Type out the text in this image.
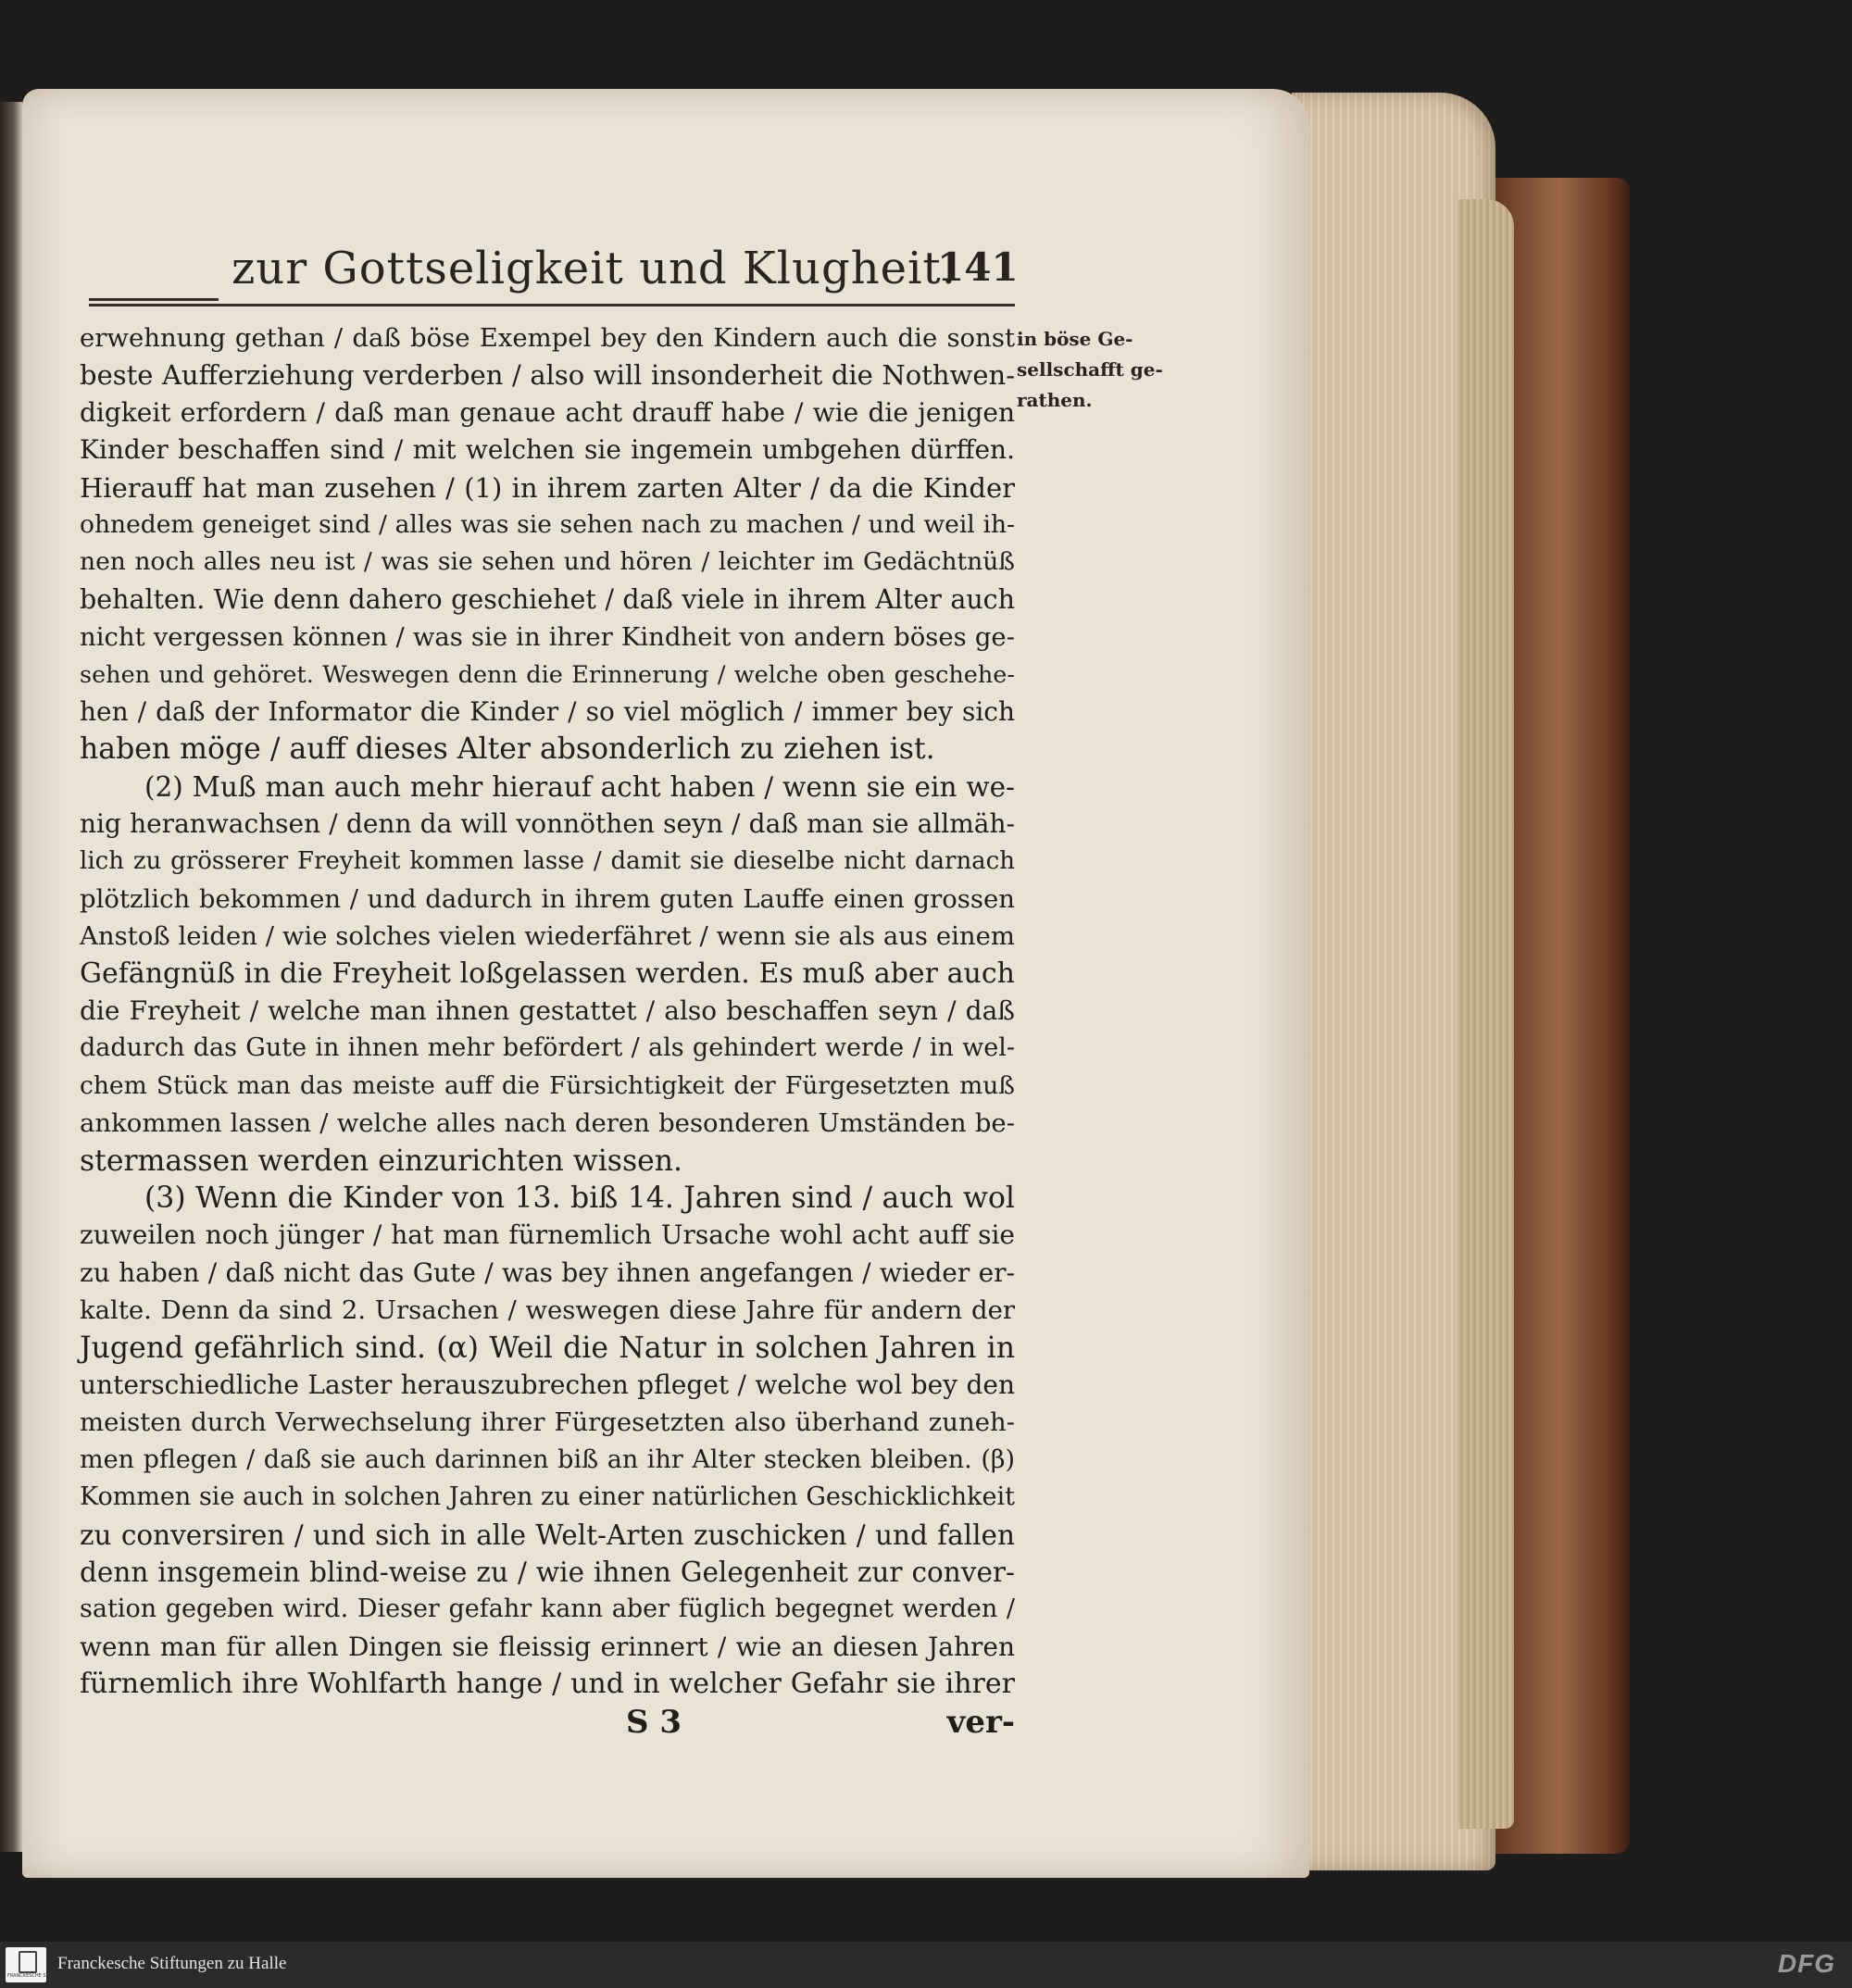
zur Gottseligkeit und Klugheit.
141
erwehnung gethan / daß böse Exempel bey den Kindern auch die sonst
beste Aufferziehung verderben / also will insonderheit die Nothwen-
digkeit erfordern / daß man genaue acht drauff habe / wie die jenigen
Kinder beschaffen sind / mit welchen sie ingemein umbgehen dürffen.
Hierauff hat man zusehen / (1) in ihrem zarten Alter / da die Kinder
ohnedem geneiget sind / alles was sie sehen nach zu machen / und weil ih-
nen noch alles neu ist / was sie sehen und hören / leichter im Gedächtnüß
behalten. Wie denn dahero geschiehet / daß viele in ihrem Alter auch
nicht vergessen können / was sie in ihrer Kindheit von andern böses ge-
sehen und gehöret. Weswegen denn die Erinnerung / welche oben geschehe-
hen / daß der Informator die Kinder / so viel möglich / immer bey sich
haben möge / auff dieses Alter absonderlich zu ziehen ist.
(2) Muß man auch mehr hierauf acht haben / wenn sie ein we-
nig heranwachsen / denn da will vonnöthen seyn / daß man sie allmäh-
lich zu grösserer Freyheit kommen lasse / damit sie dieselbe nicht darnach
plötzlich bekommen / und dadurch in ihrem guten Lauffe einen grossen
Anstoß leiden / wie solches vielen wiederfähret / wenn sie als aus einem
Gefängnüß in die Freyheit loßgelassen werden. Es muß aber auch
die Freyheit / welche man ihnen gestattet / also beschaffen seyn / daß
dadurch das Gute in ihnen mehr befördert / als gehindert werde / in wel-
chem Stück man das meiste auff die Fürsichtigkeit der Fürgesetzten muß
ankommen lassen / welche alles nach deren besonderen Umständen be-
stermassen werden einzurichten wissen.
(3) Wenn die Kinder von 13. biß 14. Jahren sind / auch wol
zuweilen noch jünger / hat man fürnemlich Ursache wohl acht auff sie
zu haben / daß nicht das Gute / was bey ihnen angefangen / wieder er-
kalte. Denn da sind 2. Ursachen / weswegen diese Jahre für andern der
Jugend gefährlich sind. (α) Weil die Natur in solchen Jahren in
unterschiedliche Laster herauszubrechen pfleget / welche wol bey den
meisten durch Verwechselung ihrer Fürgesetzten also überhand zuneh-
men pflegen / daß sie auch darinnen biß an ihr Alter stecken bleiben. (β)
Kommen sie auch in solchen Jahren zu einer natürlichen Geschicklichkeit
zu conversiren / und sich in alle Welt-Arten zuschicken / und fallen
denn insgemein blind-weise zu / wie ihnen Gelegenheit zur conver-
sation gegeben wird. Dieser gefahr kann aber füglich begegnet werden /
wenn man für allen Dingen sie fleissig erinnert / wie an diesen Jahren
fürnemlich ihre Wohlfarth hange / und in welcher Gefahr sie ihrer
in böse Ge-
sellschafft ge-
rathen.
S 3	ver-
FRANCKESCHE STIFTUNGEN
Franckesche Stiftungen zu Halle	DFG
